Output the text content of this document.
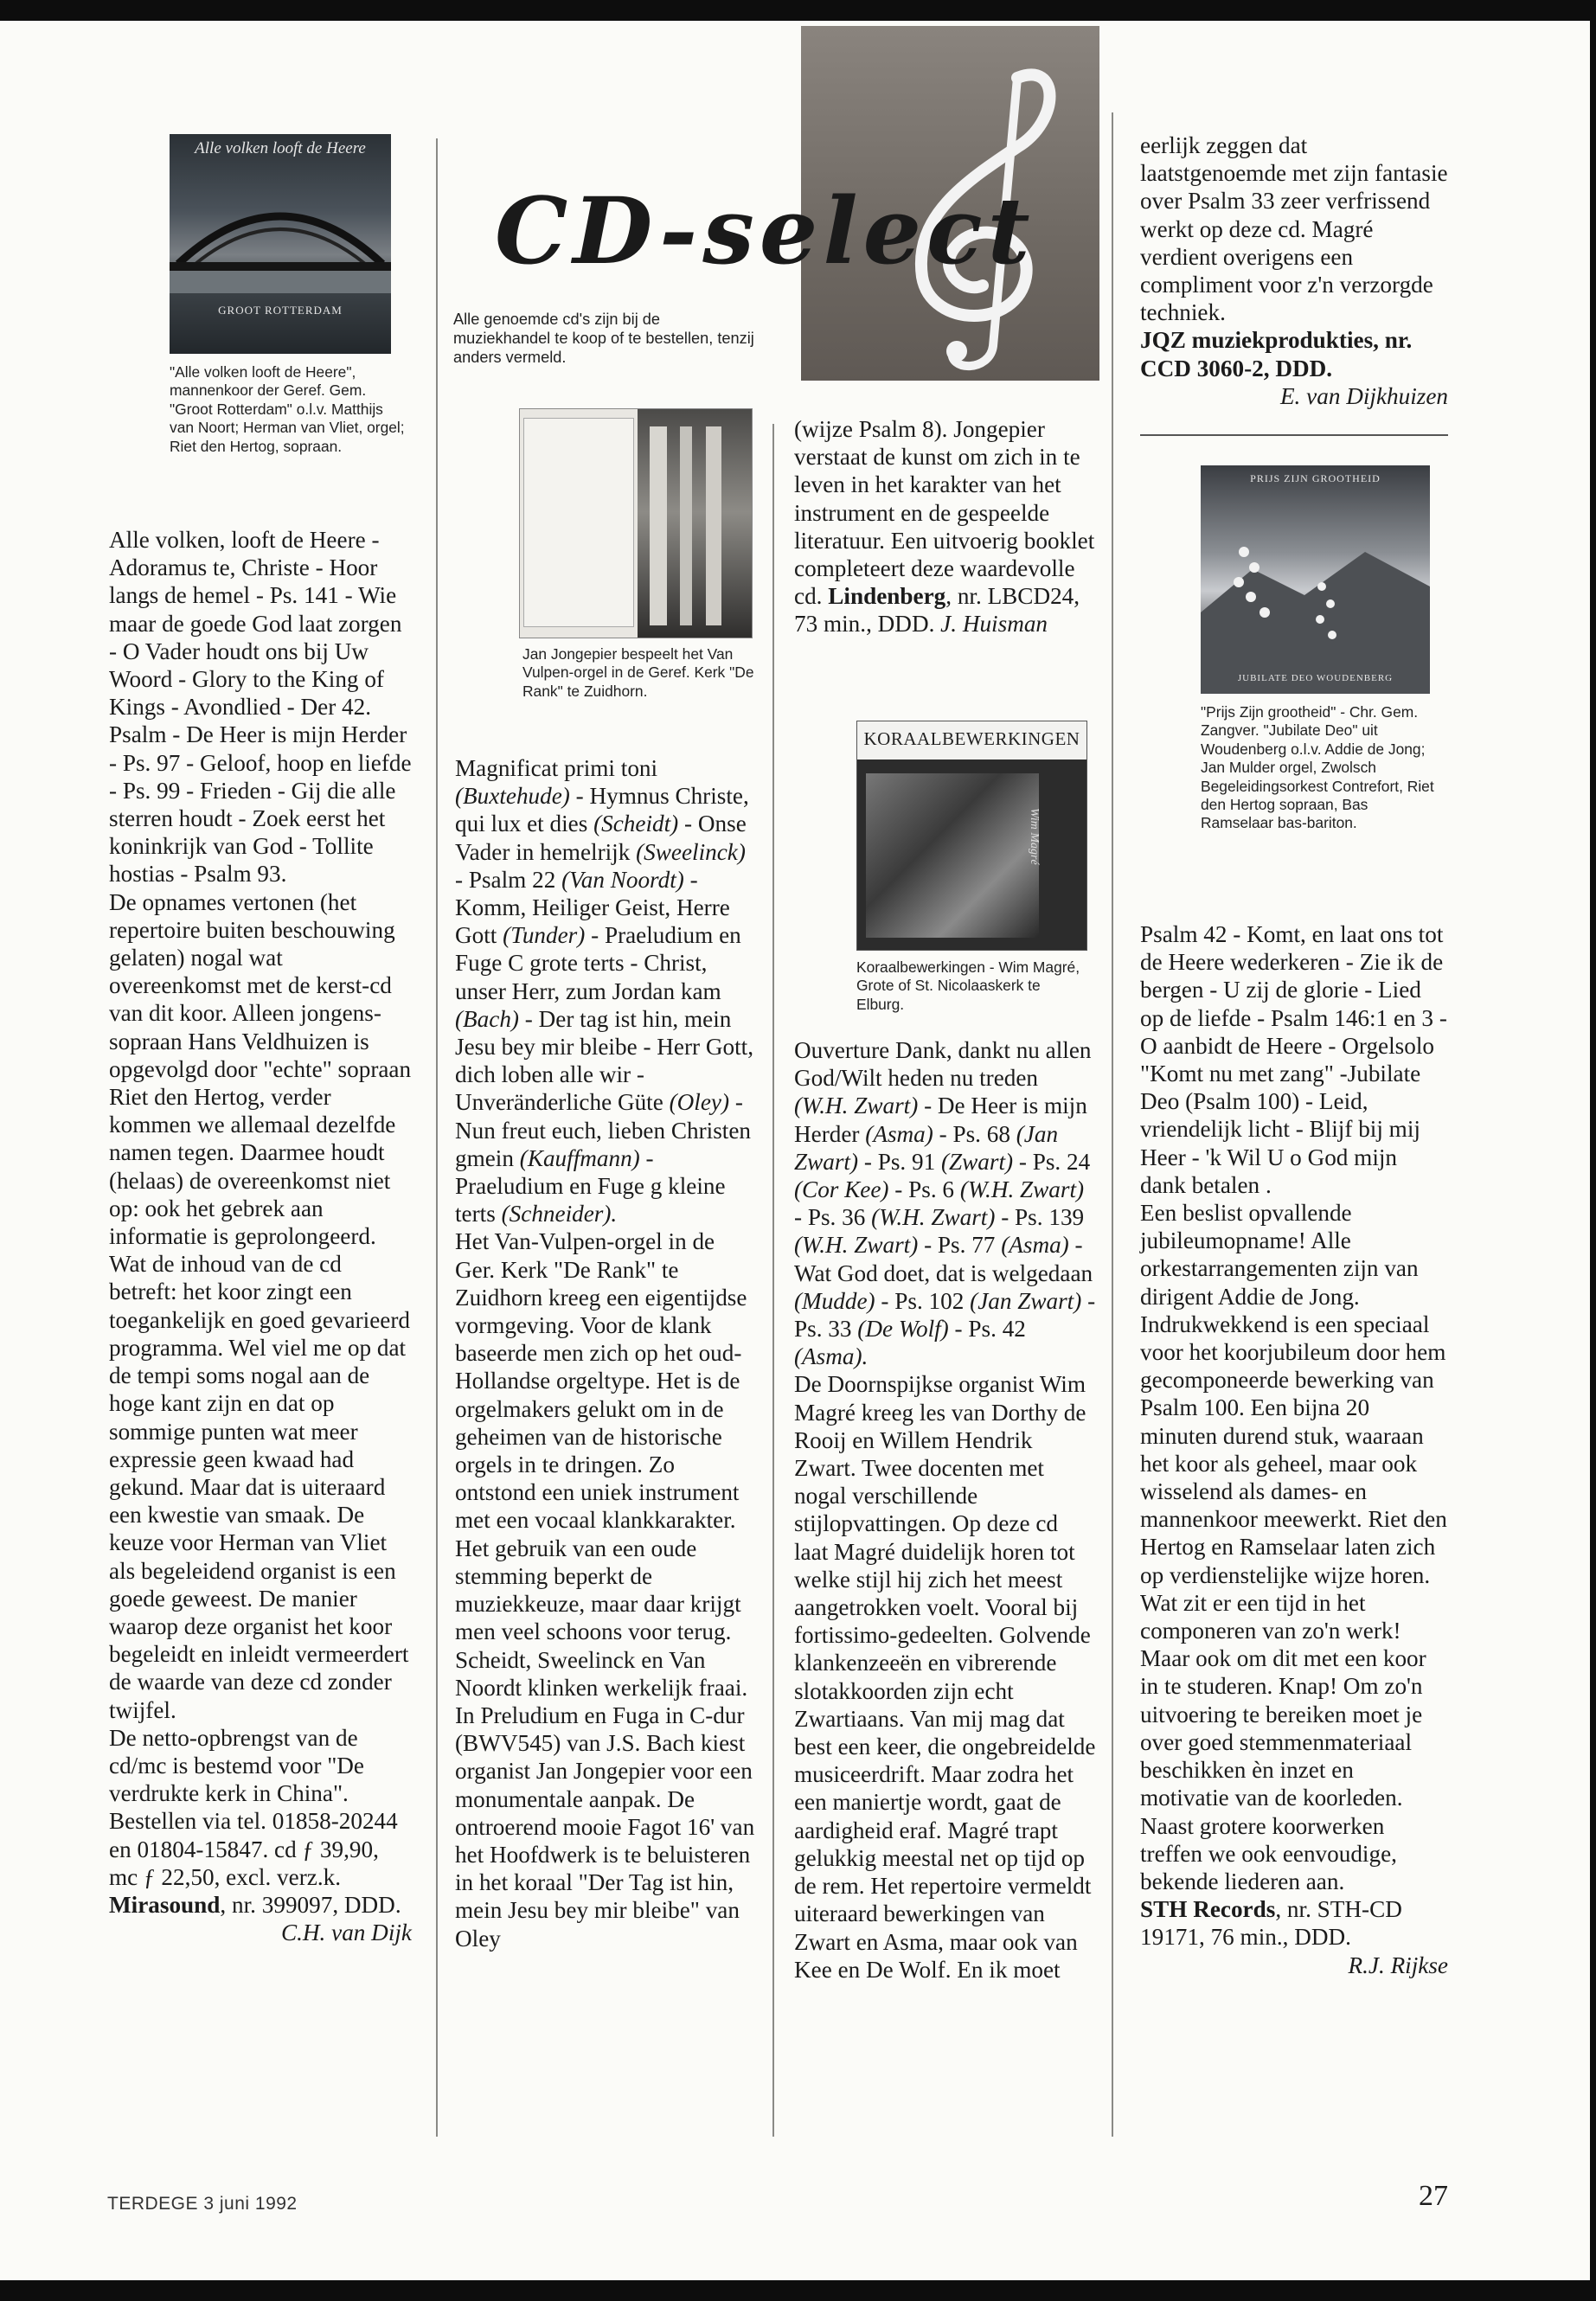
CD-select
Alle genoemde cd's zijn bij de muziekhandel te koop of te bestellen, tenzij anders vermeld.
Alle volken looft de Heere
GROOT ROTTERDAM
"Alle volken looft de Heere", mannenkoor der Geref. Gem. "Groot Rotterdam" o.l.v. Matthijs van Noort; Herman van Vliet, orgel; Riet den Hertog, sopraan.
Jan Jongepier bespeelt het Van Vulpen-orgel in de Geref. Kerk "De Rank" te Zuidhorn.
KORAALBEWERKINGEN
Wim Magré
Koraalbewerkingen - Wim Magré, Grote of St. Nicolaaskerk te Elburg.
PRIJS ZIJN GROOTHEID
JUBILATE DEO WOUDENBERG
"Prijs Zijn grootheid" - Chr. Gem. Zangver. "Jubilate Deo" uit Woudenberg o.l.v. Addie de Jong; Jan Mulder orgel, Zwolsch Begeleidingsorkest Contrefort, Riet den Hertog sopraan, Bas Ramselaar bas-bariton.

Alle volken, looft de Heere - Adoramus te, Christe - Hoor langs de hemel - Ps. 141 - Wie maar de goede God laat zorgen - O Vader houdt ons bij Uw Woord - Glory to the King of Kings - Avondlied - Der 42. Psalm - De Heer is mijn Herder - Ps. 97 - Geloof, hoop en liefde - Ps. 99 - Frieden - Gij die alle sterren houdt - Zoek eerst het koninkrijk van God - Tollite hostias - Psalm 93.

De opnames vertonen (het repertoire buiten beschouwing gelaten) nogal wat overeenkomst met de kerst-cd van dit koor. Alleen jongens-sopraan Hans Veldhuizen is opgevolgd door "echte" sopraan Riet den Hertog, verder kommen we allemaal dezelfde namen tegen. Daarmee houdt (helaas) de overeenkomst niet op: ook het gebrek aan informatie is geprolongeerd.

Wat de inhoud van de cd betreft: het koor zingt een toegankelijk en goed gevarieerd programma. Wel viel me op dat de tempi soms nogal aan de hoge kant zijn en dat op sommige punten wat meer expressie geen kwaad had gekund. Maar dat is uiteraard een kwestie van smaak. De keuze voor Herman van Vliet als begeleidend organist is een goede geweest. De manier waarop deze organist het koor begeleidt en inleidt vermeerdert de waarde van deze cd zonder twijfel.

De netto-opbrengst van de cd/mc is bestemd voor "De verdrukte kerk in China". Bestellen via tel. 01858-20244 en 01804-15847. cd ƒ 39,90, mc ƒ 22,50, excl. verz.k. Mirasound, nr. 399097, DDD.

C.H. van Dijk

Magnificat primi toni (Buxtehude) - Hymnus Christe, qui lux et dies (Scheidt) - Onse Vader in hemelrijk (Sweelinck) - Psalm 22 (Van Noordt) - Komm, Heiliger Geist, Herre Gott (Tunder) - Praeludium en Fuge C grote terts - Christ, unser Herr, zum Jordan kam (Bach) - Der tag ist hin, mein Jesu bey mir bleibe - Herr Gott, dich loben alle wir - Unveränderliche Güte (Oley) - Nun freut euch, lieben Christen gmein (Kauffmann) - Praeludium en Fuge g kleine terts (Schneider).

Het Van-Vulpen-orgel in de Ger. Kerk "De Rank" te Zuidhorn kreeg een eigentijdse vormgeving. Voor de klank baseerde men zich op het oud-Hollandse orgeltype. Het is de orgelmakers gelukt om in de geheimen van de historische orgels in te dringen. Zo ontstond een uniek instrument met een vocaal klankkarakter. Het gebruik van een oude stemming beperkt de muziekkeuze, maar daar krijgt men veel schoons voor terug. Scheidt, Sweelinck en Van Noordt klinken werkelijk fraai. In Preludium en Fuga in C-dur (BWV545) van J.S. Bach kiest organist Jan Jongepier voor een monumentale aanpak. De ontroerend mooie Fagot 16' van het Hoofdwerk is te beluisteren in het koraal "Der Tag ist hin, mein Jesu bey mir bleibe" van Oley

(wijze Psalm 8). Jongepier verstaat de kunst om zich in te leven in het karakter van het instrument en de gespeelde literatuur. Een uitvoerig booklet completeert deze waardevolle cd. Lindenberg, nr. LBCD24, 73 min., DDD. J. Huisman

Ouverture Dank, dankt nu allen God/Wilt heden nu treden (W.H. Zwart) - De Heer is mijn Herder (Asma) - Ps. 68 (Jan Zwart) - Ps. 91 (Zwart) - Ps. 24 (Cor Kee) - Ps. 6 (W.H. Zwart) - Ps. 36 (W.H. Zwart) - Ps. 139 (W.H. Zwart) - Ps. 77 (Asma) - Wat God doet, dat is welgedaan (Mudde) - Ps. 102 (Jan Zwart) - Ps. 33 (De Wolf) - Ps. 42 (Asma).

De Doornspijkse organist Wim Magré kreeg les van Dorthy de Rooij en Willem Hendrik Zwart. Twee docenten met nogal verschillende stijlopvattingen. Op deze cd laat Magré duidelijk horen tot welke stijl hij zich het meest aangetrokken voelt. Vooral bij fortissimo-gedeelten. Golvende klankenzeeën en vibrerende slotakkoorden zijn echt Zwartiaans. Van mij mag dat best een keer, die ongebreidelde musiceerdrift. Maar zodra het een maniertje wordt, gaat de aardigheid eraf. Magré trapt gelukkig meestal net op tijd op de rem. Het repertoire vermeldt uiteraard bewerkingen van Zwart en Asma, maar ook van Kee en De Wolf. En ik moet

eerlijk zeggen dat laatstgenoemde met zijn fantasie over Psalm 33 zeer verfrissend werkt op deze cd. Magré verdient overigens een compliment voor z'n verzorgde techniek.

JQZ muziekprodukties, nr. CCD 3060-2, DDD.

E. van Dijkhuizen

Psalm 42 - Komt, en laat ons tot de Heere wederkeren - Zie ik de bergen - U zij de glorie - Lied op de liefde - Psalm 146:1 en 3 - O aanbidt de Heere - Orgelsolo "Komt nu met zang" -Jubilate Deo (Psalm 100) - Leid, vriendelijk licht - Blijf bij mij Heer - 'k Wil U o God mijn dank betalen .

Een beslist opvallende jubileumopname! Alle orkestarrangementen zijn van dirigent Addie de Jong. Indrukwekkend is een speciaal voor het koorjubileum door hem gecomponeerde bewerking van Psalm 100. Een bijna 20 minuten durend stuk, waaraan het koor als geheel, maar ook wisselend als dames- en mannenkoor meewerkt. Riet den Hertog en Ramselaar laten zich op verdienstelijke wijze horen. Wat zit er een tijd in het componeren van zo'n werk! Maar ook om dit met een koor in te studeren. Knap! Om zo'n uitvoering te bereiken moet je over goed stemmenmateriaal beschikken èn inzet en motivatie van de koorleden. Naast grotere koorwerken treffen we ook eenvoudige, bekende liederen aan.

STH Records, nr. STH-CD 19171, 76 min., DDD.

R.J. Rijkse

TERDEGE 3 juni 1992	27
